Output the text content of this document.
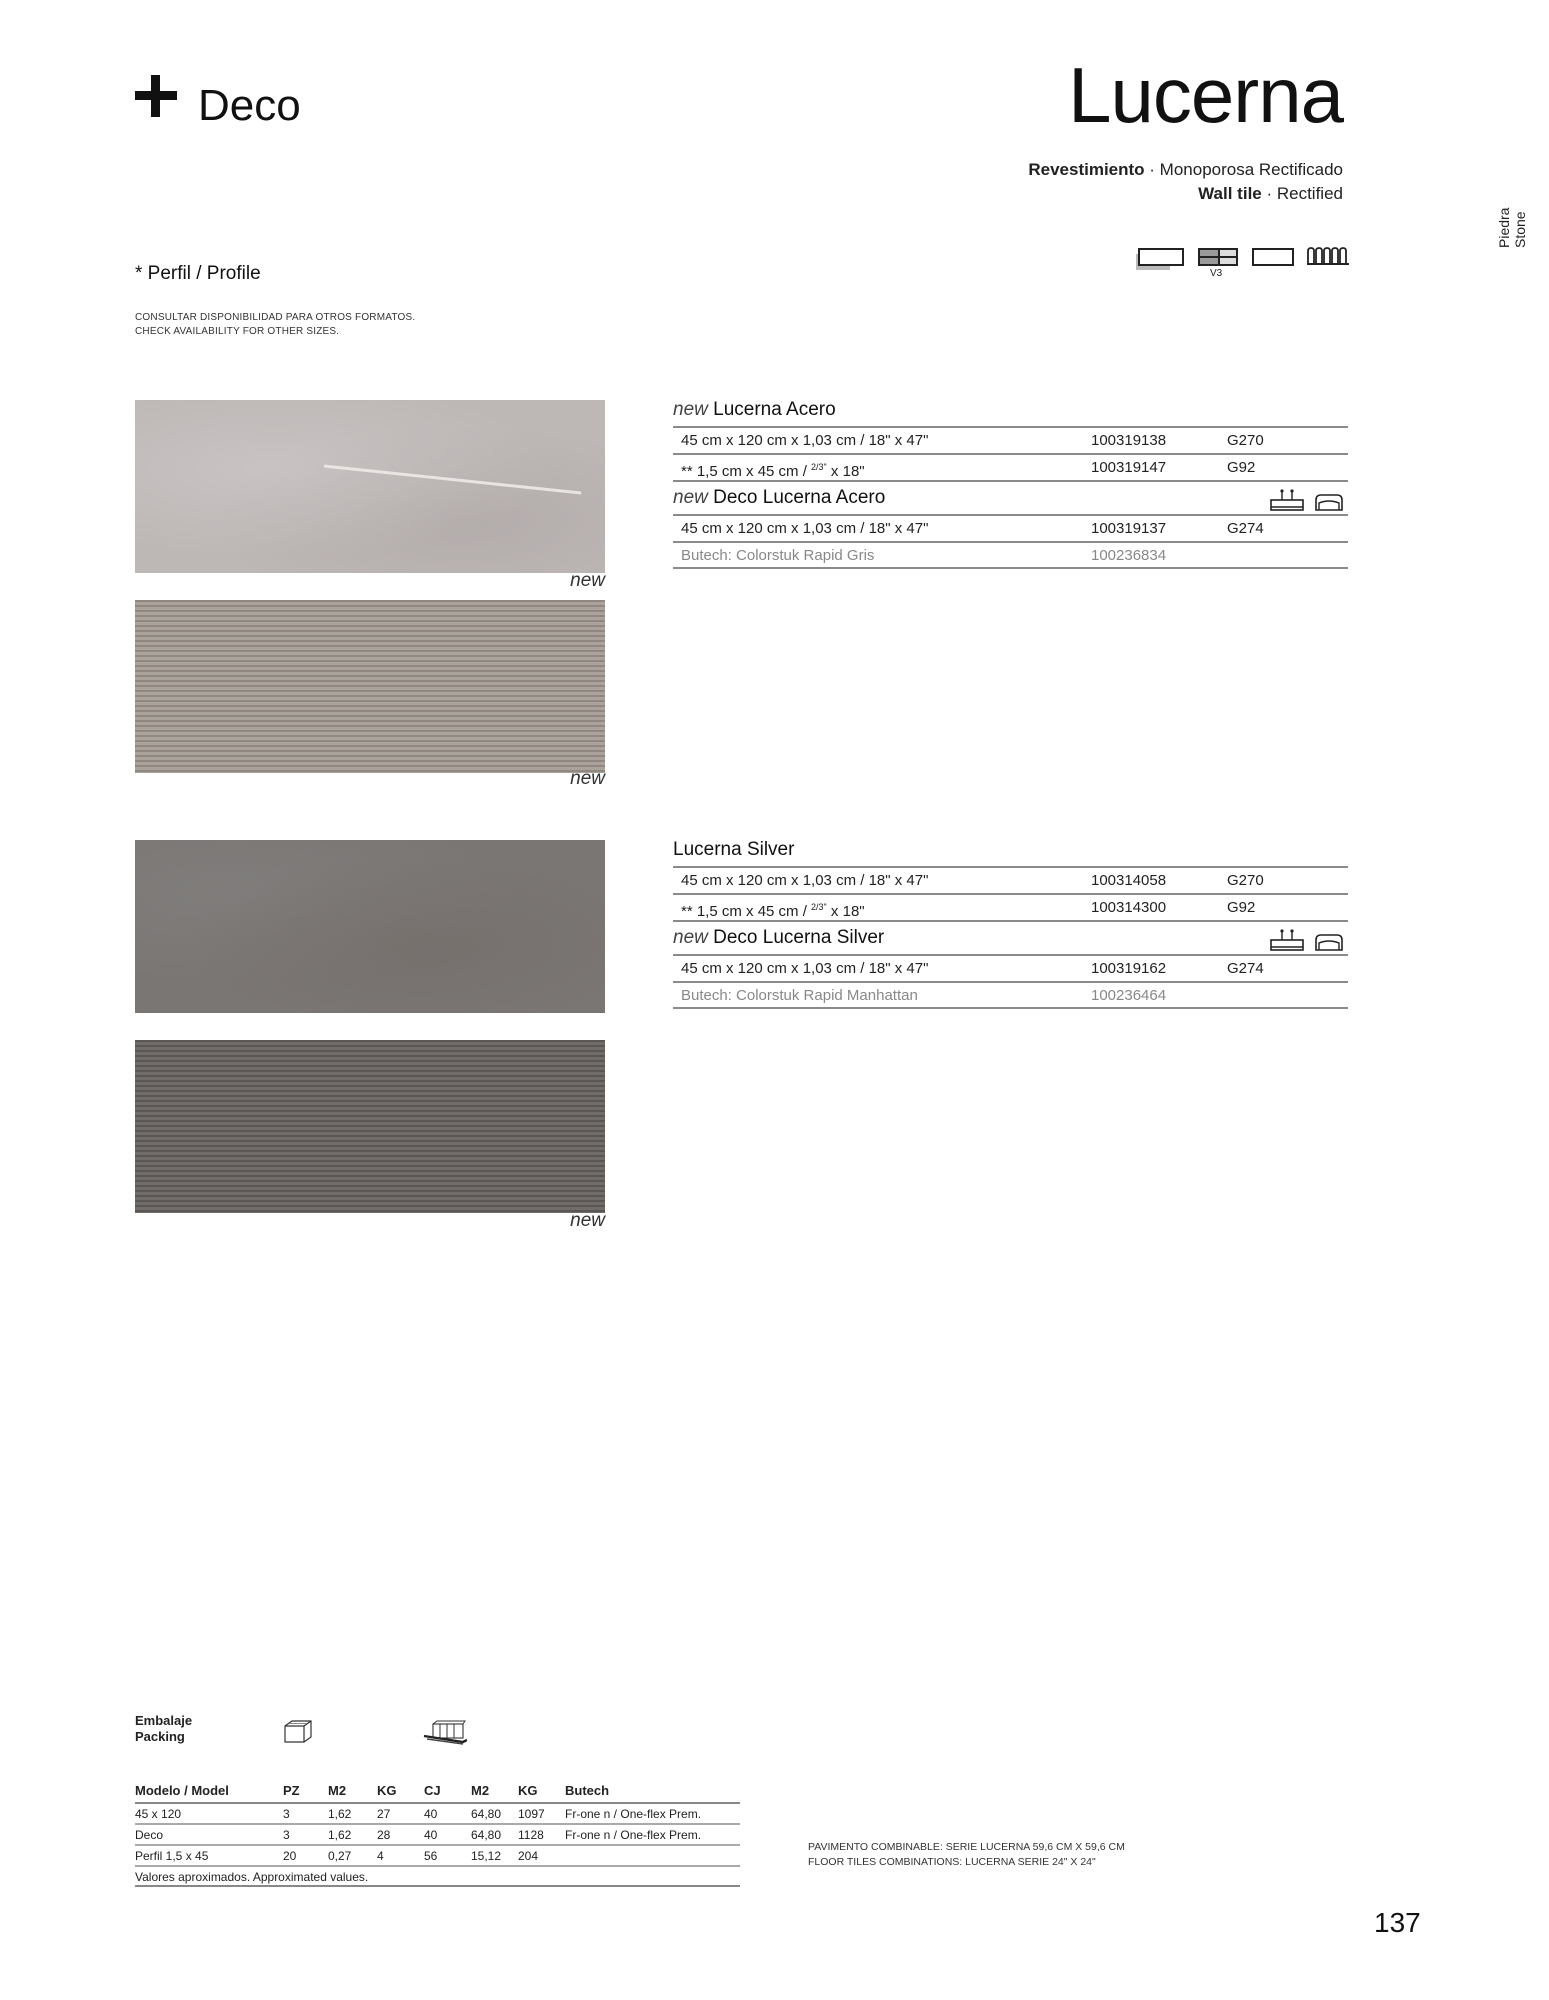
Deco	Lucerna
Revestimiento · Monoporosa Rectificado
Wall tile · Rectified
Piedra Stone
V3
* Perfil / Profile
CONSULTAR DISPONIBILIDAD PARA OTROS FORMATOS.
CHECK AVAILABILITY FOR OTHER SIZES.
new
new
new
new Lucerna Acero
45 cm x 120 cm x 1,03 cm / 18" x 47"	100319138	G270
** 1,5 cm x 45 cm / $^{2/3"}$ x 18"	100319147	G92
new Deco Lucerna Acero
45 cm x 120 cm x 1,03 cm / 18" x 47"	100319137	G274
Butech: Colorstuk Rapid Gris	100236834
Lucerna Silver
45 cm x 120 cm x 1,03 cm / 18" x 47"	100314058	G270
** 1,5 cm x 45 cm / $^{2/3"}$ x 18"	100314300	G92
new Deco Lucerna Silver
45 cm x 120 cm x 1,03 cm / 18" x 47"	100319162	G274
Butech: Colorstuk Rapid Manhattan	100236464
Embalaje
Packing
Modelo / Model	PZ M2 KG CJ M2 KG Butech
45 x 120	3	1,62 27	40	64,80 1097 Fr-one n / One-flex Prem.
Deco	3	1,62 28	40	64,80 1128 Fr-one n / One-flex Prem.
Perfil 1,5 x 45	20	0,27 4	56	15,12 204
Valores aproximados. Approximated values.
PAVIMENTO COMBINABLE: SERIE LUCERNA 59,6 CM X 59,6 CM
FLOOR TILES COMBINATIONS: LUCERNA SERIE 24" X 24"
137
